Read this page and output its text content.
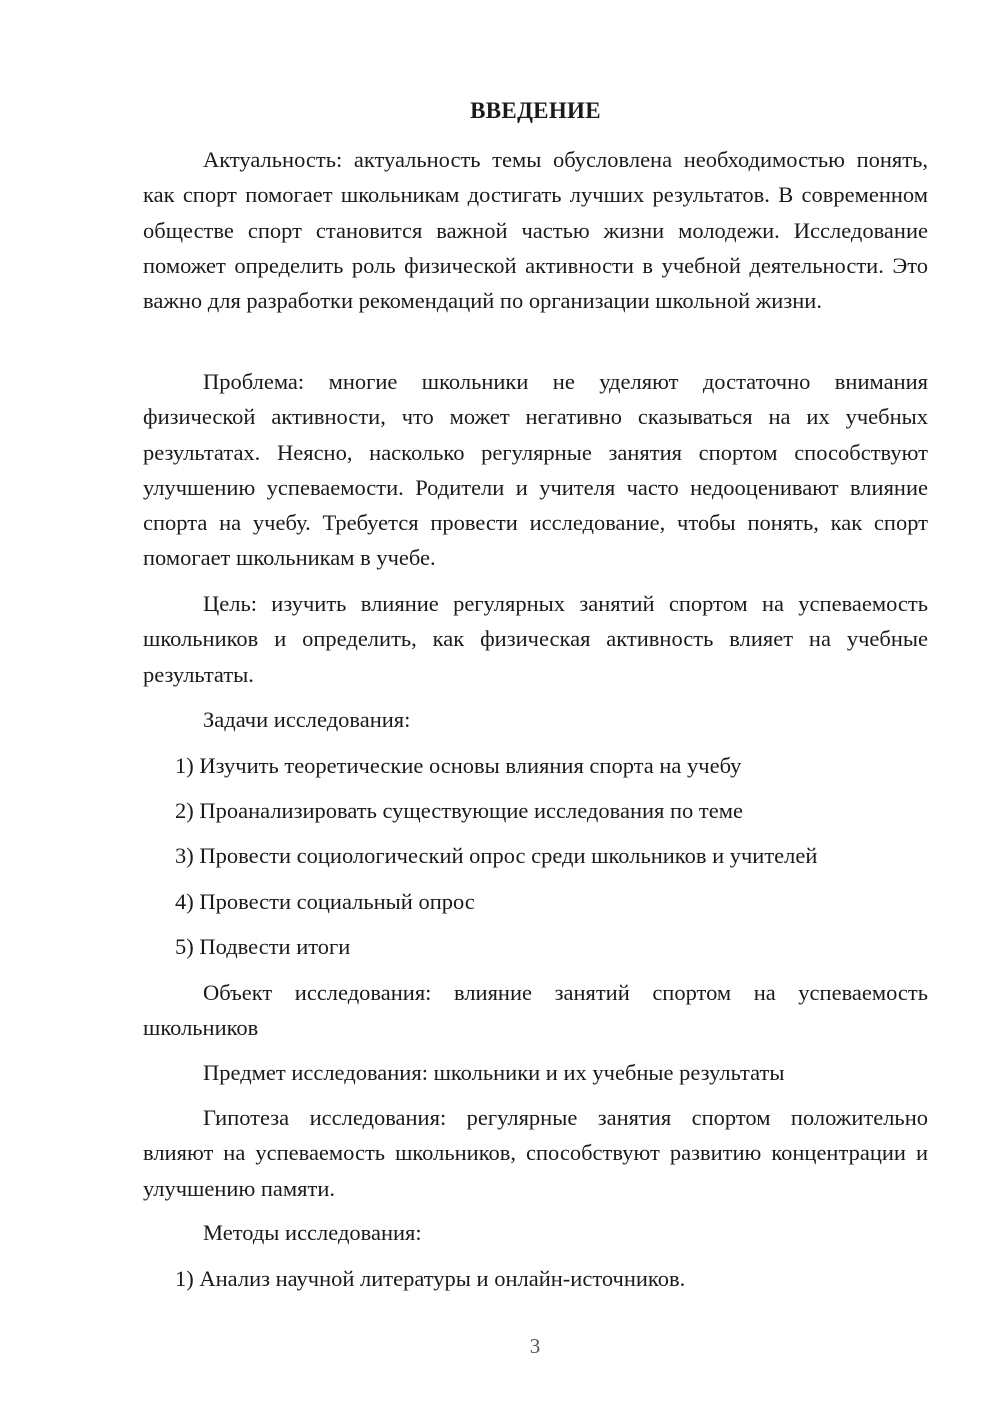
ВВЕДЕНИЕ

Актуальность: актуальность темы обусловлена необходимостью понять, как спорт помогает школьникам достигать лучших результатов. В современном обществе спорт становится важной частью жизни молодежи. Исследование поможет определить роль физической активности в учебной деятельности. Это важно для разработки рекомендаций по организации школьной жизни.

Проблема: многие школьники не уделяют достаточно внимания физической активности, что может негативно сказываться на их учебных результатах. Неясно, насколько регулярные занятия спортом способствуют улучшению успеваемости. Родители и учителя часто недооценивают влияние спорта на учебу. Требуется провести исследование, чтобы понять, как спорт помогает школьникам в учебе.

Цель: изучить влияние регулярных занятий спортом на успеваемость школьников и определить, как физическая активность влияет на учебные результаты.

Задачи исследования:

1) Изучить теоретические основы влияния спорта на учебу

2) Проанализировать существующие исследования по теме

3) Провести социологический опрос среди школьников и учителей

4) Провести социальный опрос

5) Подвести итоги

Объект исследования: влияние занятий спортом на успеваемость школьников

Предмет исследования: школьники и их учебные результаты

Гипотеза исследования: регулярные занятия спортом положительно влияют на успеваемость школьников, способствуют развитию концентрации и улучшению памяти.

Методы исследования:

1) Анализ научной литературы и онлайн-источников.

3
